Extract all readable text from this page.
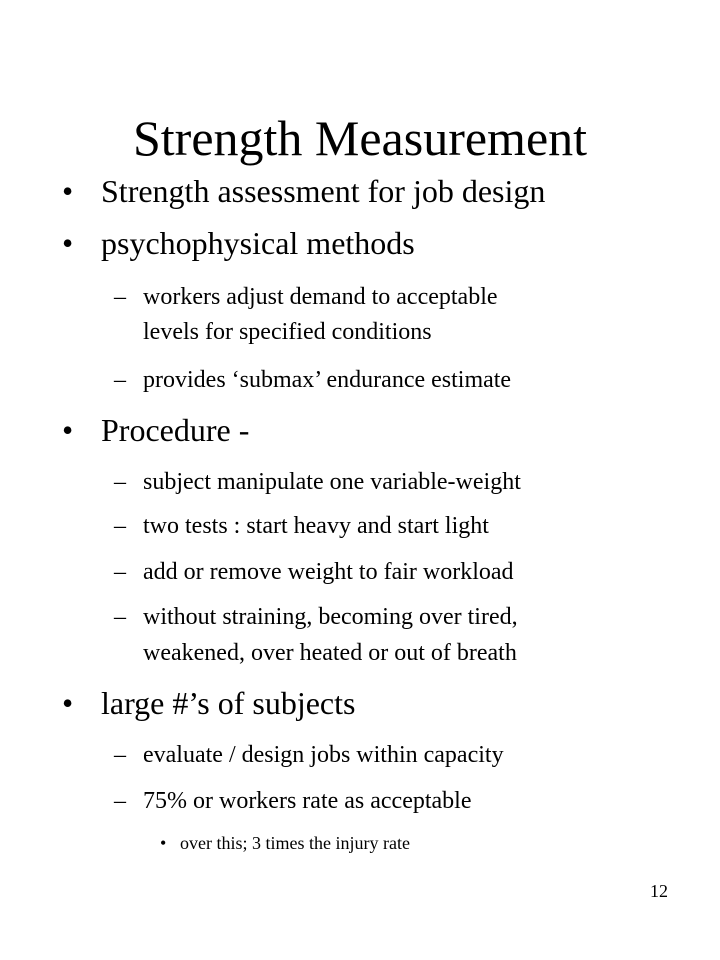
Strength Measurement
• Strength assessment for job design
• psychophysical methods
– workers adjust demand to acceptable
levels for specified conditions
– provides ‘submax’ endurance estimate
• Procedure -
– subject manipulate one variable-weight
– two tests : start heavy and start light
– add or remove weight to fair workload
– without straining, becoming over tired,
weakened, over heated or out of breath
• large #’s of subjects
– evaluate / design jobs within capacity
– 75% or workers rate as acceptable
• over this; 3 times the injury rate
12
